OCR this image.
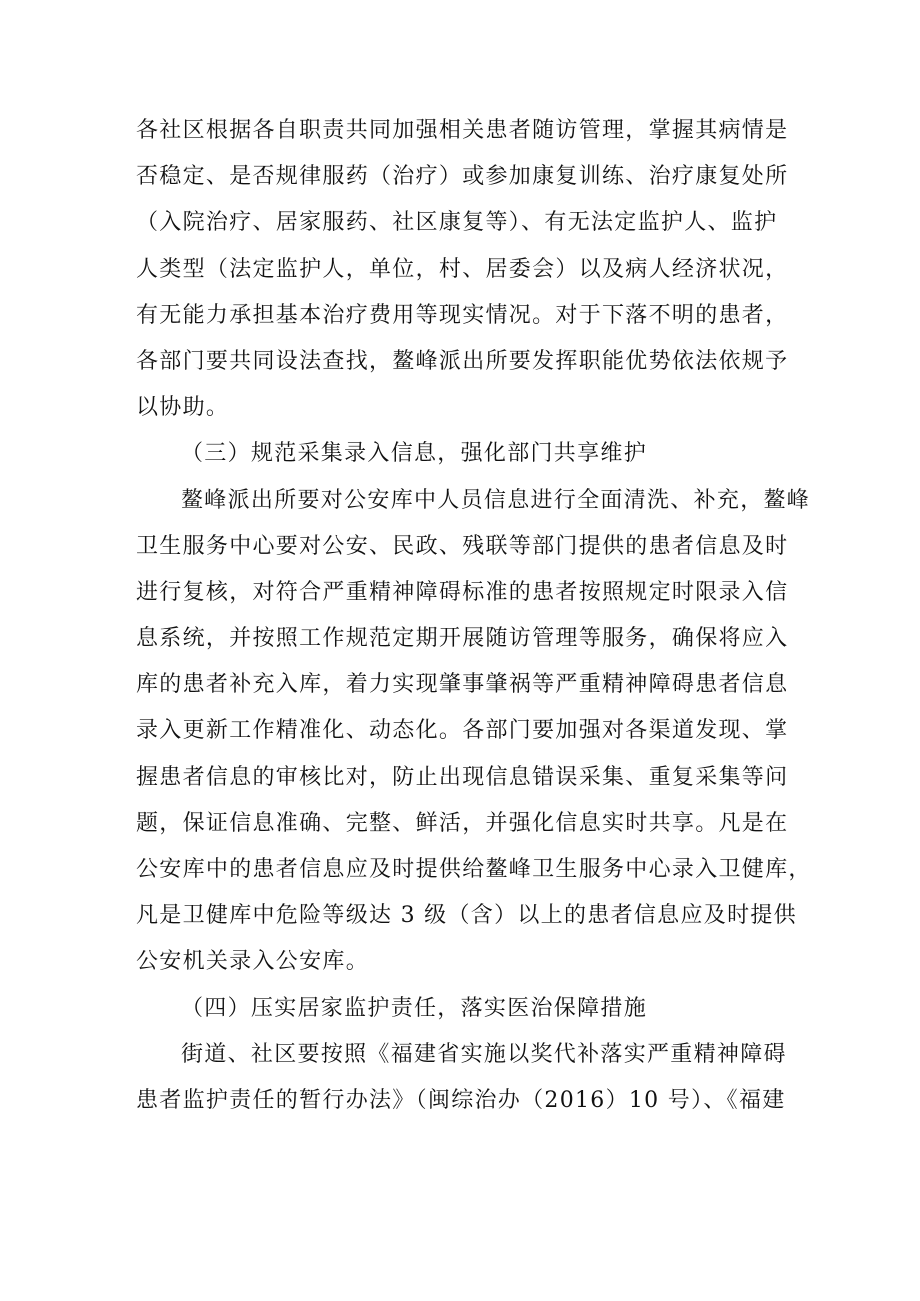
各社区根据各自职责共同加强相关患者随访管理，掌握其病情是
否稳定、是否规律服药（治疗）或参加康复训练、治疗康复处所
（入院治疗、居家服药、社区康复等）、有无法定监护人、监护
人类型（法定监护人，单位，村、居委会）以及病人经济状况，
有无能力承担基本治疗费用等现实情况。对于下落不明的患者，
各部门要共同设法查找，鳌峰派出所要发挥职能优势依法依规予
以协助。
（三）规范采集录入信息，强化部门共享维护
鳌峰派出所要对公安库中人员信息进行全面清洗、补充，鳌峰
卫生服务中心要对公安、民政、残联等部门提供的患者信息及时
进行复核，对符合严重精神障碍标准的患者按照规定时限录入信
息系统，并按照工作规范定期开展随访管理等服务，确保将应入
库的患者补充入库，着力实现肇事肇祸等严重精神障碍患者信息
录入更新工作精准化、动态化。各部门要加强对各渠道发现、掌
握患者信息的审核比对，防止出现信息错误采集、重复采集等问
题，保证信息准确、完整、鲜活，并强化信息实时共享。凡是在
公安库中的患者信息应及时提供给鳌峰卫生服务中心录入卫健库，
凡是卫健库中危险等级达 3 级（含）以上的患者信息应及时提供
公安机关录入公安库。
（四）压实居家监护责任，落实医治保障措施
街道、社区要按照《福建省实施以奖代补落实严重精神障碍
患者监护责任的暂行办法》（闽综治办（2016）10 号）、《福建
